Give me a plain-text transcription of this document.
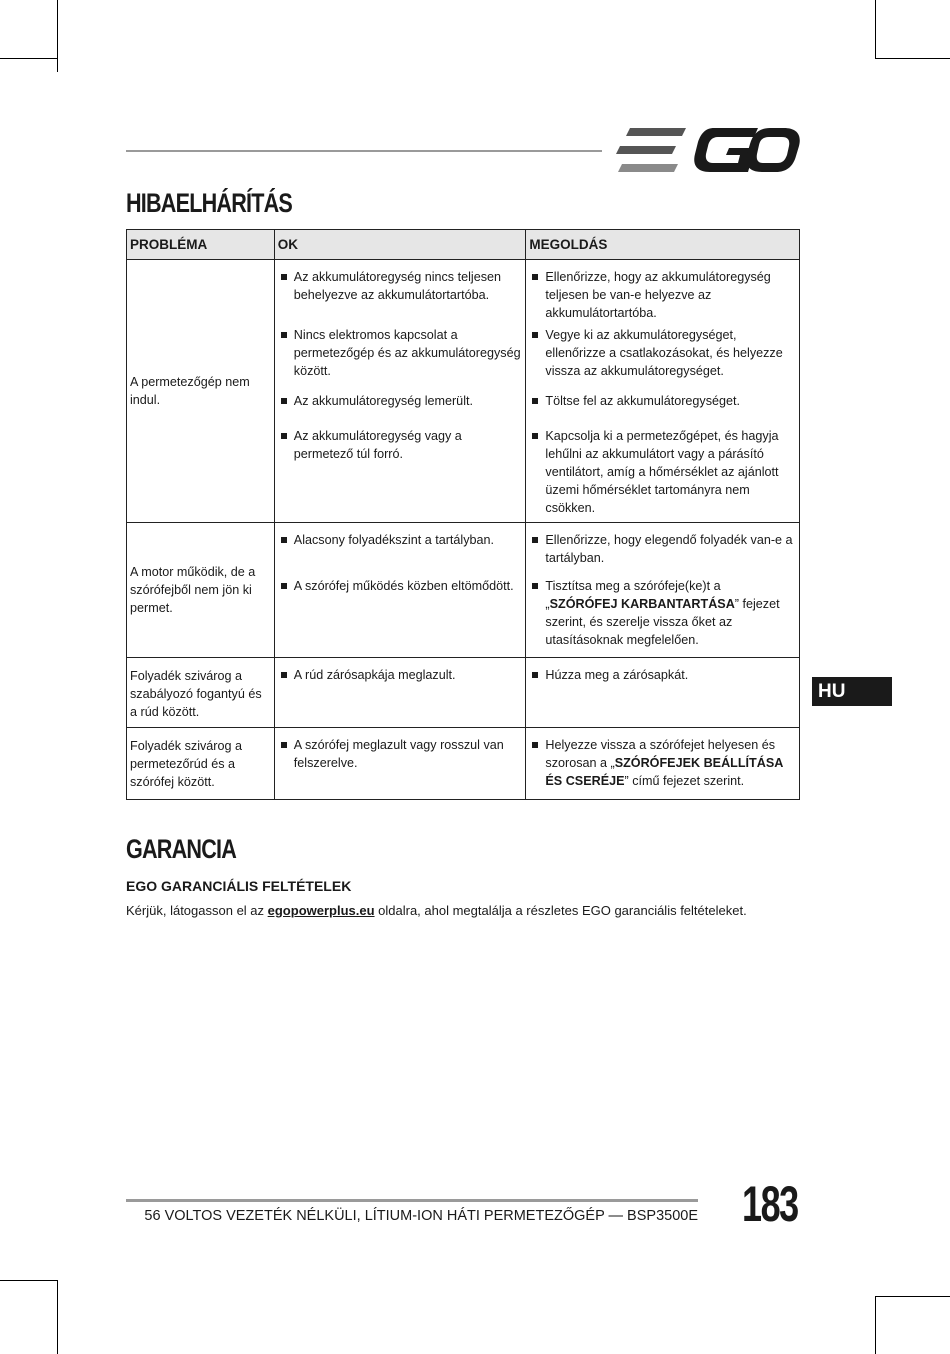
HIBAELHÁRÍTÁS
PROBLÉMA	OK	MEGOLDÁS
A permetezőgép nem indul.	Az akkumulátoregység nincs teljesen behelyezve az akkumulátortartóba.	Ellenőrizze, hogy az akkumulátoregység teljesen be van-e helyezve az akkumulátortartóba.

	Nincs elektromos kapcsolat a permetezőgép és az akkumulátoregység között.	Vegye ki az akkumulátoregységet, ellenőrizze a csatlakozásokat, és helyezze vissza az akkumulátoregységet.

	Az akkumulátoregység lemerült.	Töltse fel az akkumulátoregységet.

	Az akkumulátoregység vagy a permetező túl forró.	Kapcsolja ki a permetezőgépet, és hagyja lehűlni az akkumulátort vagy a párásító ventilátort, amíg a hőmérséklet az ajánlott üzemi hőmérséklet tartományra nem csökken.

A motor működik, de a szórófejből nem jön ki permet.	Alacsony folyadékszint a tartályban.	Ellenőrizze, hogy elegendő folyadék van-e a tartályban.

	A szórófej működés közben eltömődött.	Tisztítsa meg a szórófeje(ke)t a „SZÓRÓFEJ KARBANTARTÁSA” fejezet szerint, és szerelje vissza őket az utasításoknak megfelelően.

Folyadék szivárog a szabályozó fogantyú és a rúd között.	A rúd zárósapkája meglazult.	Húzza meg a zárósapkát.

Folyadék szivárog a permetezőrúd és a szórófej között.	A szórófej meglazult vagy rosszul van felszerelve.	Helyezze vissza a szórófejet helyesen és szorosan a „SZÓRÓFEJEK BEÁLLÍTÁSA ÉS CSERÉJE” című fejezet szerint.
HU
GARANCIA
EGO GARANCIÁLIS FELTÉTELEK
Kérjük, látogasson el az egopowerplus.eu oldalra, ahol megtalálja a részletes EGO garanciális feltételeket.
56 VOLTOS VEZETÉK NÉLKÜLI, LÍTIUM-ION HÁTI PERMETEZŐGÉP — BSP3500E 183
